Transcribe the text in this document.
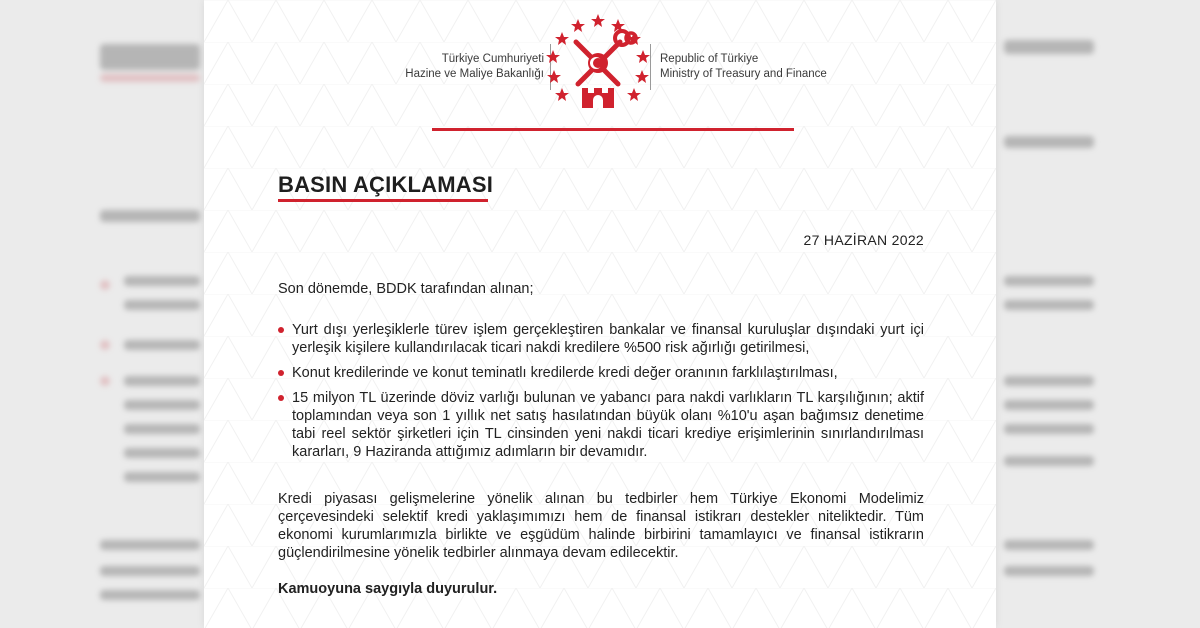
Türkiye Cumhuriyeti
Hazine ve Maliye Bakanlığı
Republic of Türkiye
Ministry of Treasury and Finance
BASIN AÇIKLAMASI
27 HAZİRAN 2022
Son dönemde, BDDK tarafından alınan;
Yurt dışı yerleşiklerle türev işlem gerçekleştiren bankalar ve finansal kuruluşlar dışındaki yurt içi yerleşik kişilere kullandırılacak ticari nakdi kredilere %500 risk ağırlığı getirilmesi,
Konut kredilerinde ve konut teminatlı kredilerde kredi değer oranının farklılaştırılması,
15 milyon TL üzerinde döviz varlığı bulunan ve yabancı para nakdi varlıkların TL karşılığının; aktif toplamından veya son 1 yıllık net satış hasılatından büyük olanı %10'u aşan bağımsız denetime tabi reel sektör şirketleri için TL cinsinden yeni nakdi ticari krediye erişimlerinin sınırlandırılması kararları, 9 Haziranda attığımız adımların bir devamıdır.
Kredi piyasası gelişmelerine yönelik alınan bu tedbirler hem Türkiye Ekonomi Modelimiz çerçevesindeki selektif kredi yaklaşımımızı hem de finansal istikrarı destekler niteliktedir. Tüm ekonomi kurumlarımızla birlikte ve eşgüdüm halinde birbirini tamamlayıcı ve finansal istikrarın güçlendirilmesine yönelik tedbirler alınmaya devam edilecektir.
Kamuoyuna saygıyla duyurulur.
